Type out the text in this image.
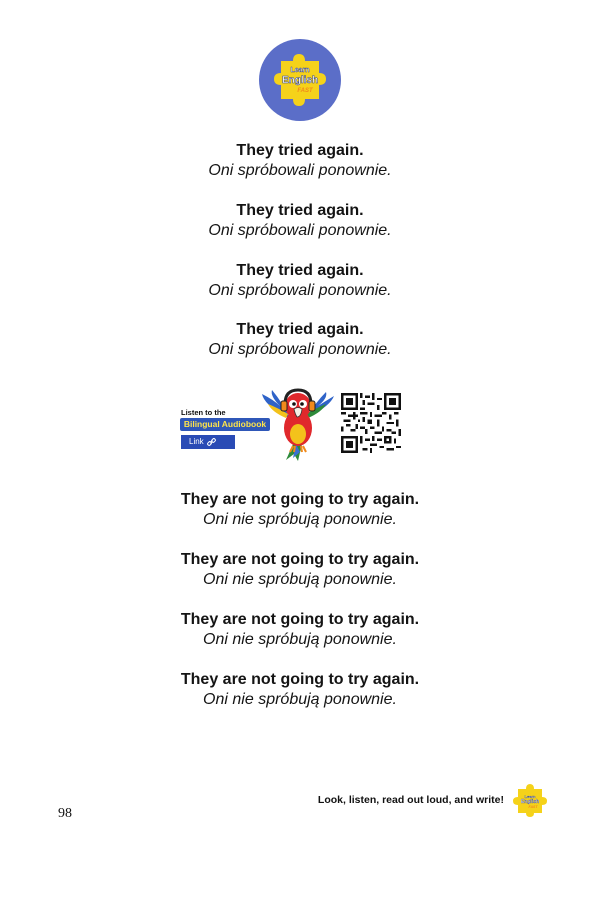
Learn
English
FAST
They tried again.
Oni spróbowali ponownie.
They tried again.
Oni spróbowali ponownie.
They tried again.
Oni spróbowali ponownie.
They tried again.
Oni spróbowali ponownie.
Listen to the
Bilingual Audiobook
Link
They are not going to try again.
Oni nie spróbują ponownie.
They are not going to try again.
Oni nie spróbują ponownie.
They are not going to try again.
Oni nie spróbują ponownie.
They are not going to try again.
Oni nie spróbują ponownie.
Look, listen, read out loud, and write!	Learn
English
FAST
98
